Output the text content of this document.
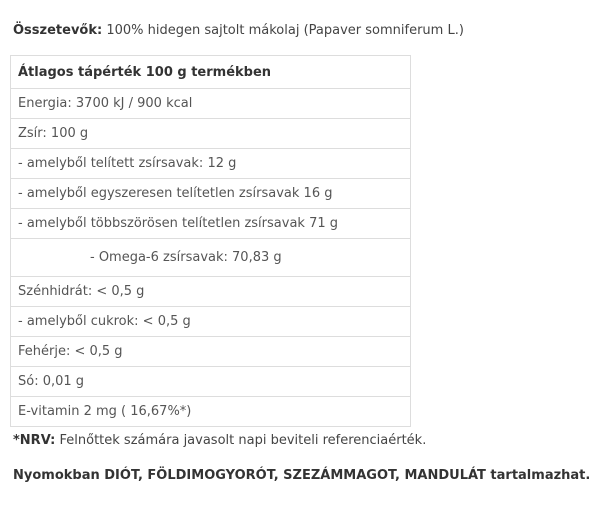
Összetevők: 100% hidegen sajtolt mákolaj (Papaver somniferum L.)
Átlagos tápérték 100 g termékben
Energia: 3700 kJ / 900 kcal
Zsír: 100 g
- amelyből telített zsírsavak: 12 g
- amelyből egyszeresen telítetlen zsírsavak 16 g
- amelyből többszörösen telítetlen zsírsavak 71 g
- Omega-6 zsírsavak: 70,83 g
Szénhidrát: < 0,5 g
- amelyből cukrok: < 0,5 g
Fehérje: < 0,5 g
Só: 0,01 g
E-vitamin 2 mg ( 16,67%*)
*NRV: Felnőttek számára javasolt napi beviteli referenciaérték.
Nyomokban DIÓT, FÖLDIMOGYORÓT, SZEZÁMMAGOT, MANDULÁT tartalmazhat.
